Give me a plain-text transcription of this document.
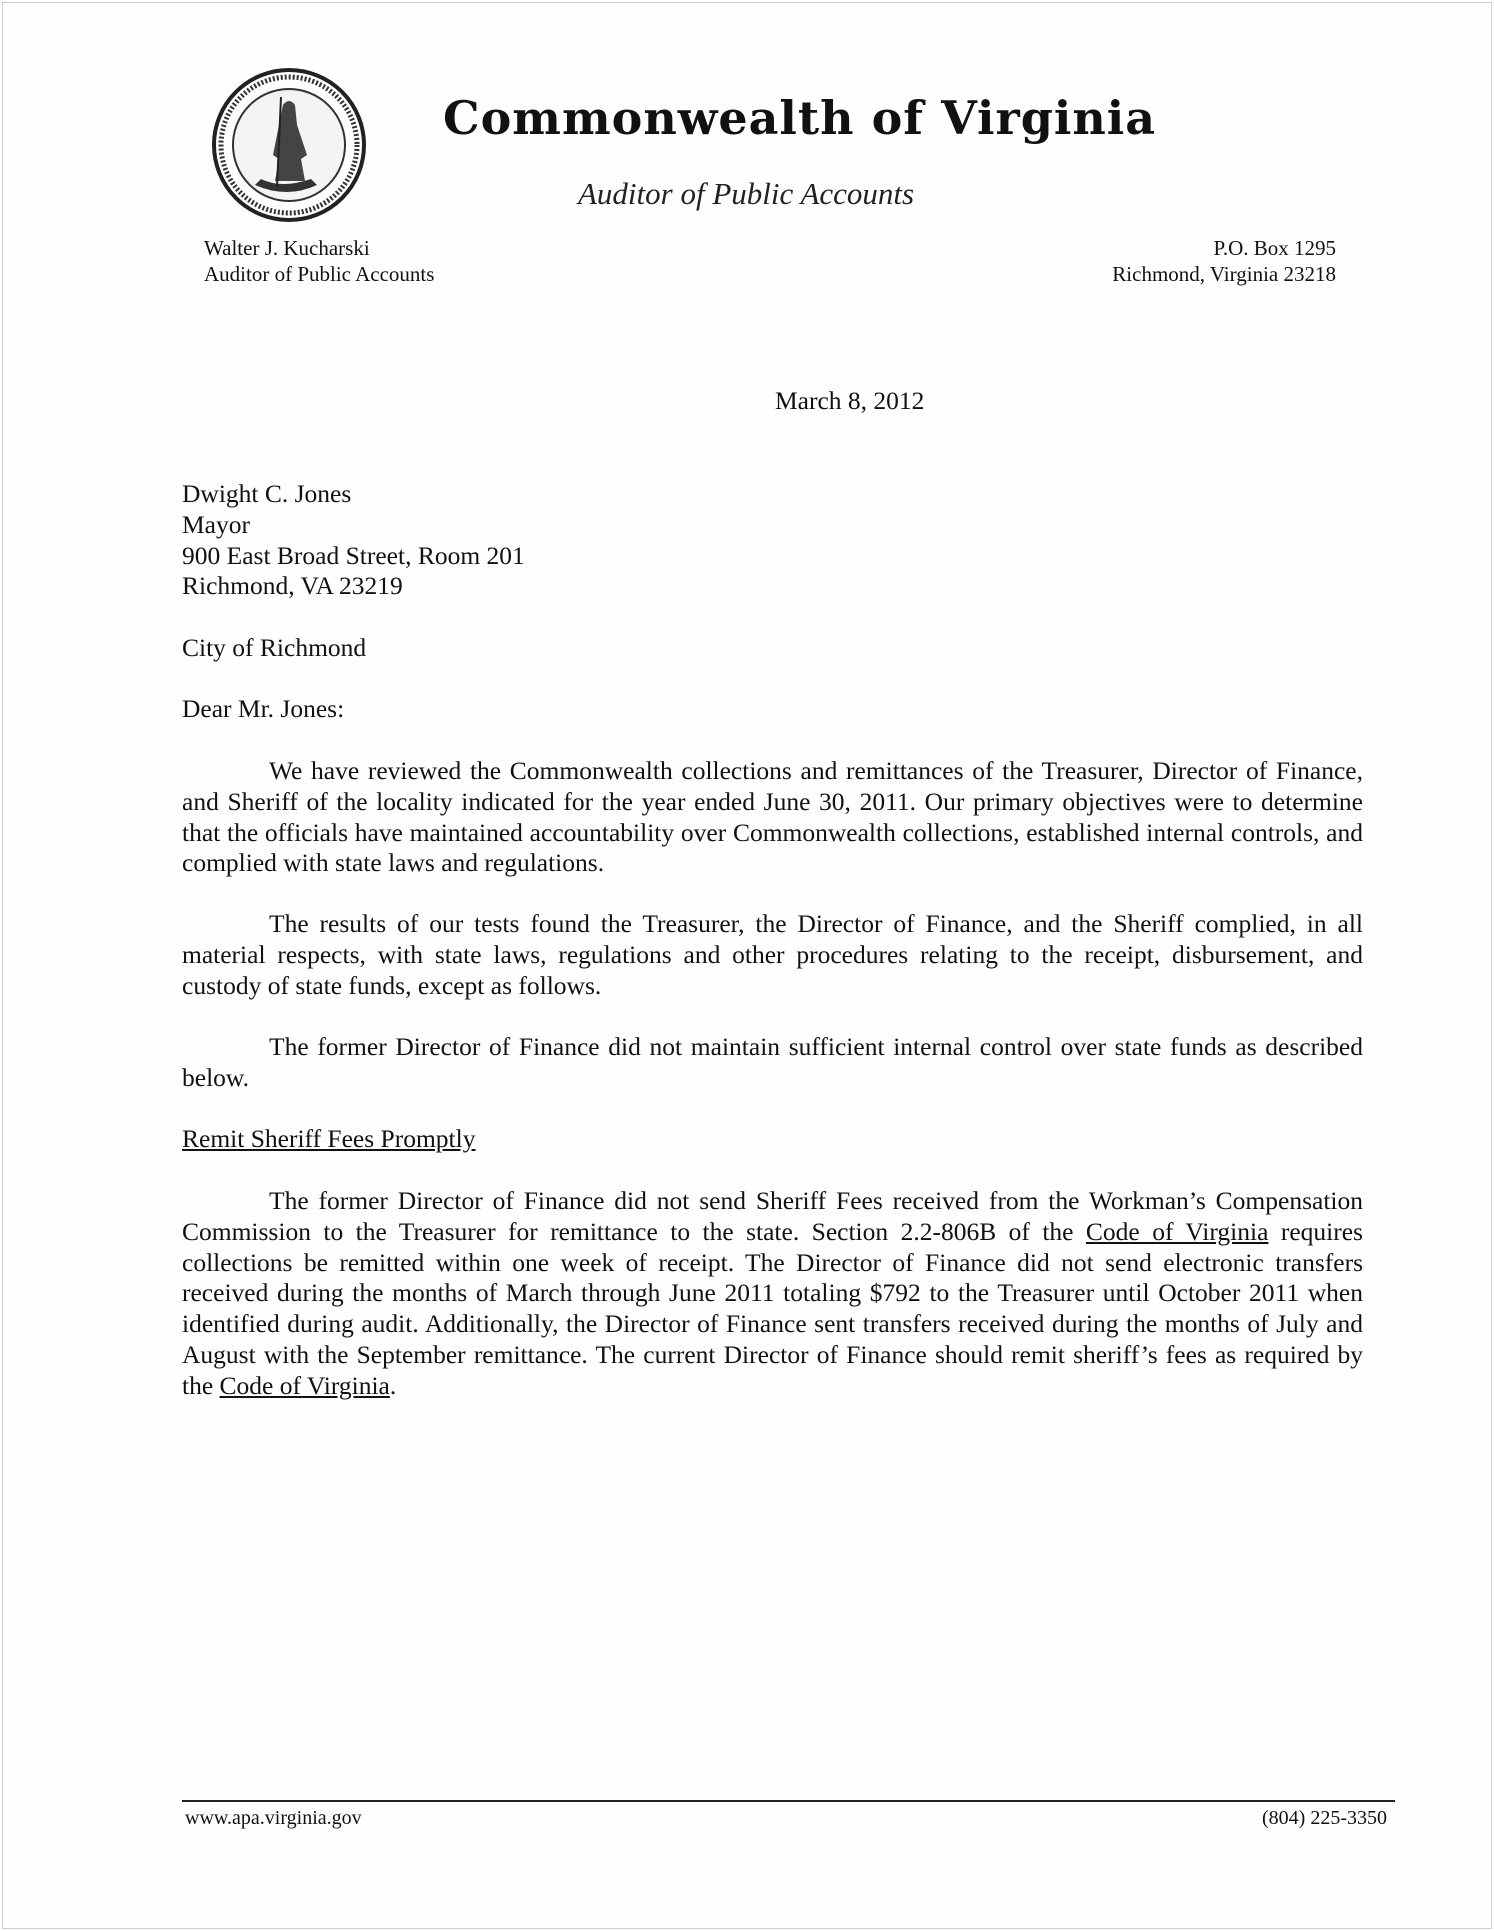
Commonwealth of Virginia
Auditor of Public Accounts
Walter J. Kucharski
Auditor of Public Accounts
P.O. Box 1295
Richmond, Virginia 23218
March 8, 2012
Dwight C. Jones
Mayor
900 East Broad Street, Room 201
Richmond, VA 23219
City of Richmond
Dear Mr. Jones:

We have reviewed the Commonwealth collections and remittances of the Treasurer, Director of Finance, and Sheriff of the locality indicated for the year ended June 30, 2011. Our primary objectives were to determine that the officials have maintained accountability over Commonwealth collections, established internal controls, and complied with state laws and regulations.

The results of our tests found the Treasurer, the Director of Finance, and the Sheriff complied, in all material respects, with state laws, regulations and other procedures relating to the receipt, disbursement, and custody of state funds, except as follows.

The former Director of Finance did not maintain sufficient internal control over state funds as described below.

Remit Sheriff Fees Promptly

The former Director of Finance did not send Sheriff Fees received from the Workman’s Compensation Commission to the Treasurer for remittance to the state. Section 2.2-806B of the Code of Virginia requires collections be remitted within one week of receipt. The Director of Finance did not send electronic transfers received during the months of March through June 2011 totaling $792 to the Treasurer until October 2011 when identified during audit. Additionally, the Director of Finance sent transfers received during the months of July and August with the September remittance. The current Director of Finance should remit sheriff’s fees as required by the Code of Virginia.

www.apa.virginia.gov	(804) 225-3350
